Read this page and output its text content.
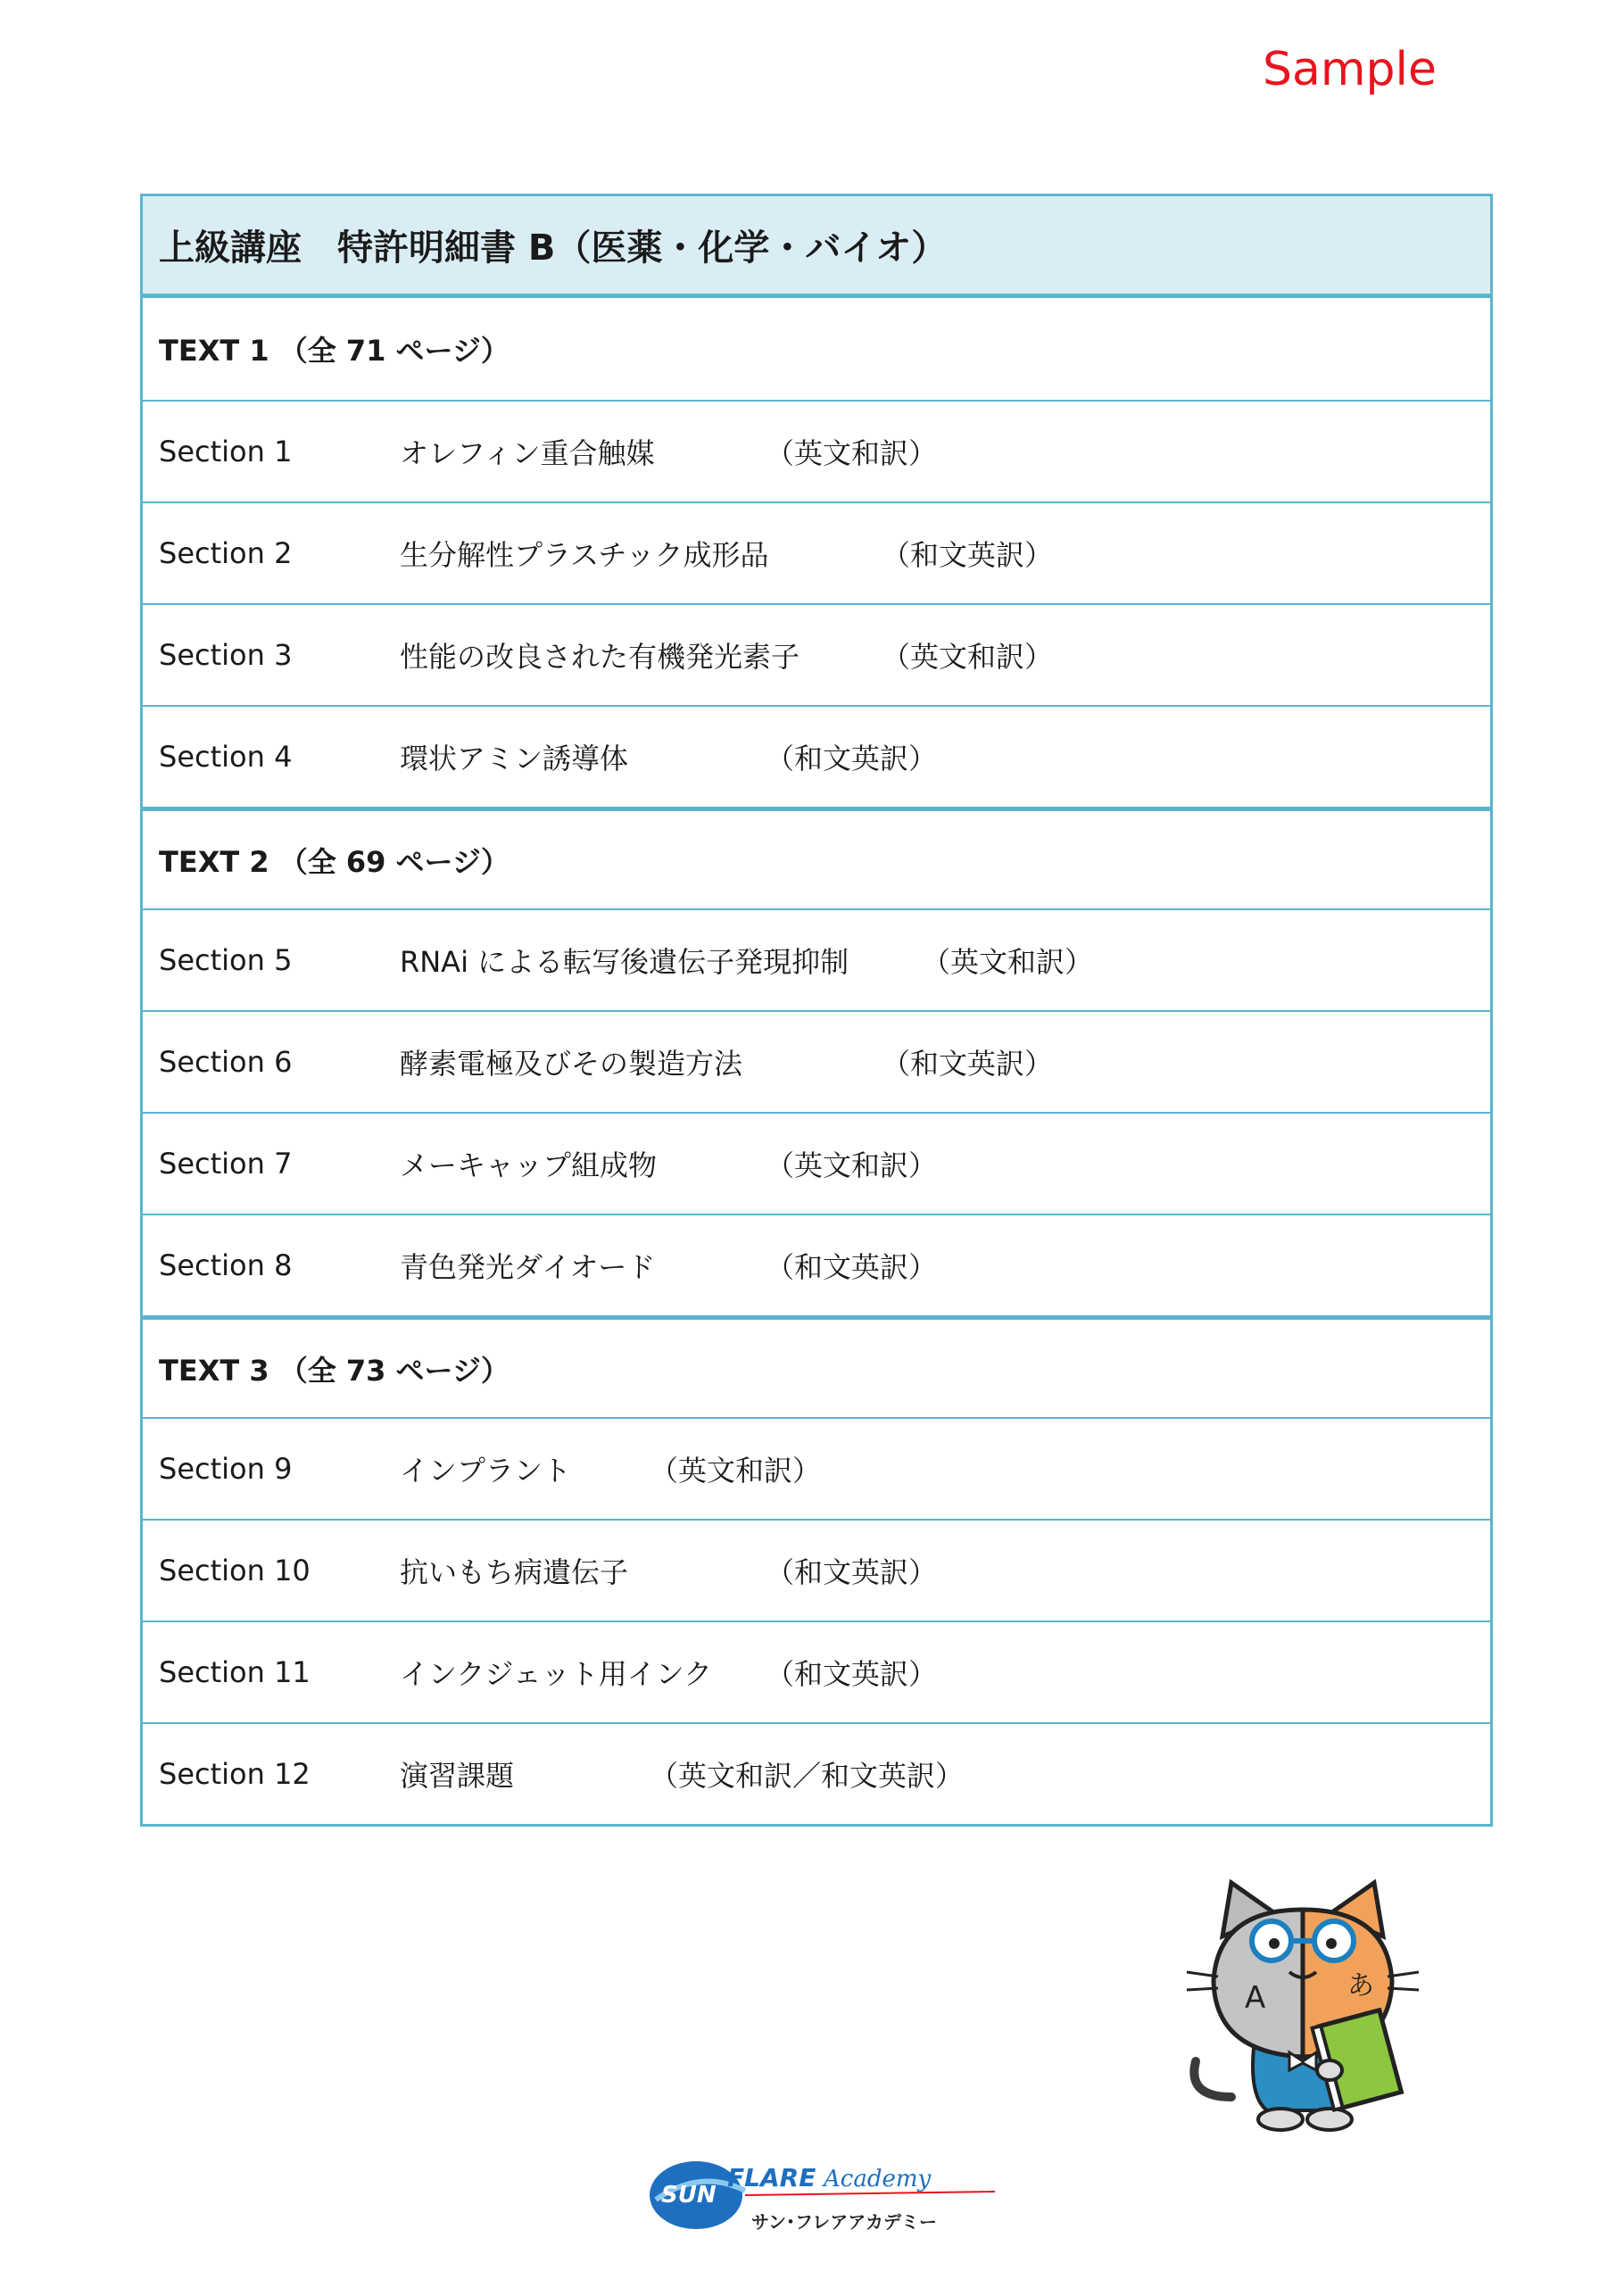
Sample
上級講座　特許明細書 B（医薬・化学・バイオ）
TEXT 1 （全 71 ページ）
Section 1	オレフィン重合触媒	（英文和訳）
Section 2	生分解性プラスチック成形品	（和文英訳）
Section 3	性能の改良された有機発光素子	（英文和訳）
Section 4	環状アミン誘導体	（和文英訳）
TEXT 2 （全 69 ページ）
Section 5	RNAi による転写後遺伝子発現抑制	（英文和訳）
Section 6	酵素電極及びその製造方法	（和文英訳）
Section 7	メーキャップ組成物	（英文和訳）
Section 8	青色発光ダイオード	（和文英訳）
TEXT 3 （全 73 ページ）
Section 9	インプラント	（英文和訳）
Section 10	抗いもち病遺伝子	（和文英訳）
Section 11	インクジェット用インク	（和文英訳）
Section 12	演習課題	（英文和訳／和文英訳）
A	あ
SUN
FLARE Academy
サン･フレアアカデミー
